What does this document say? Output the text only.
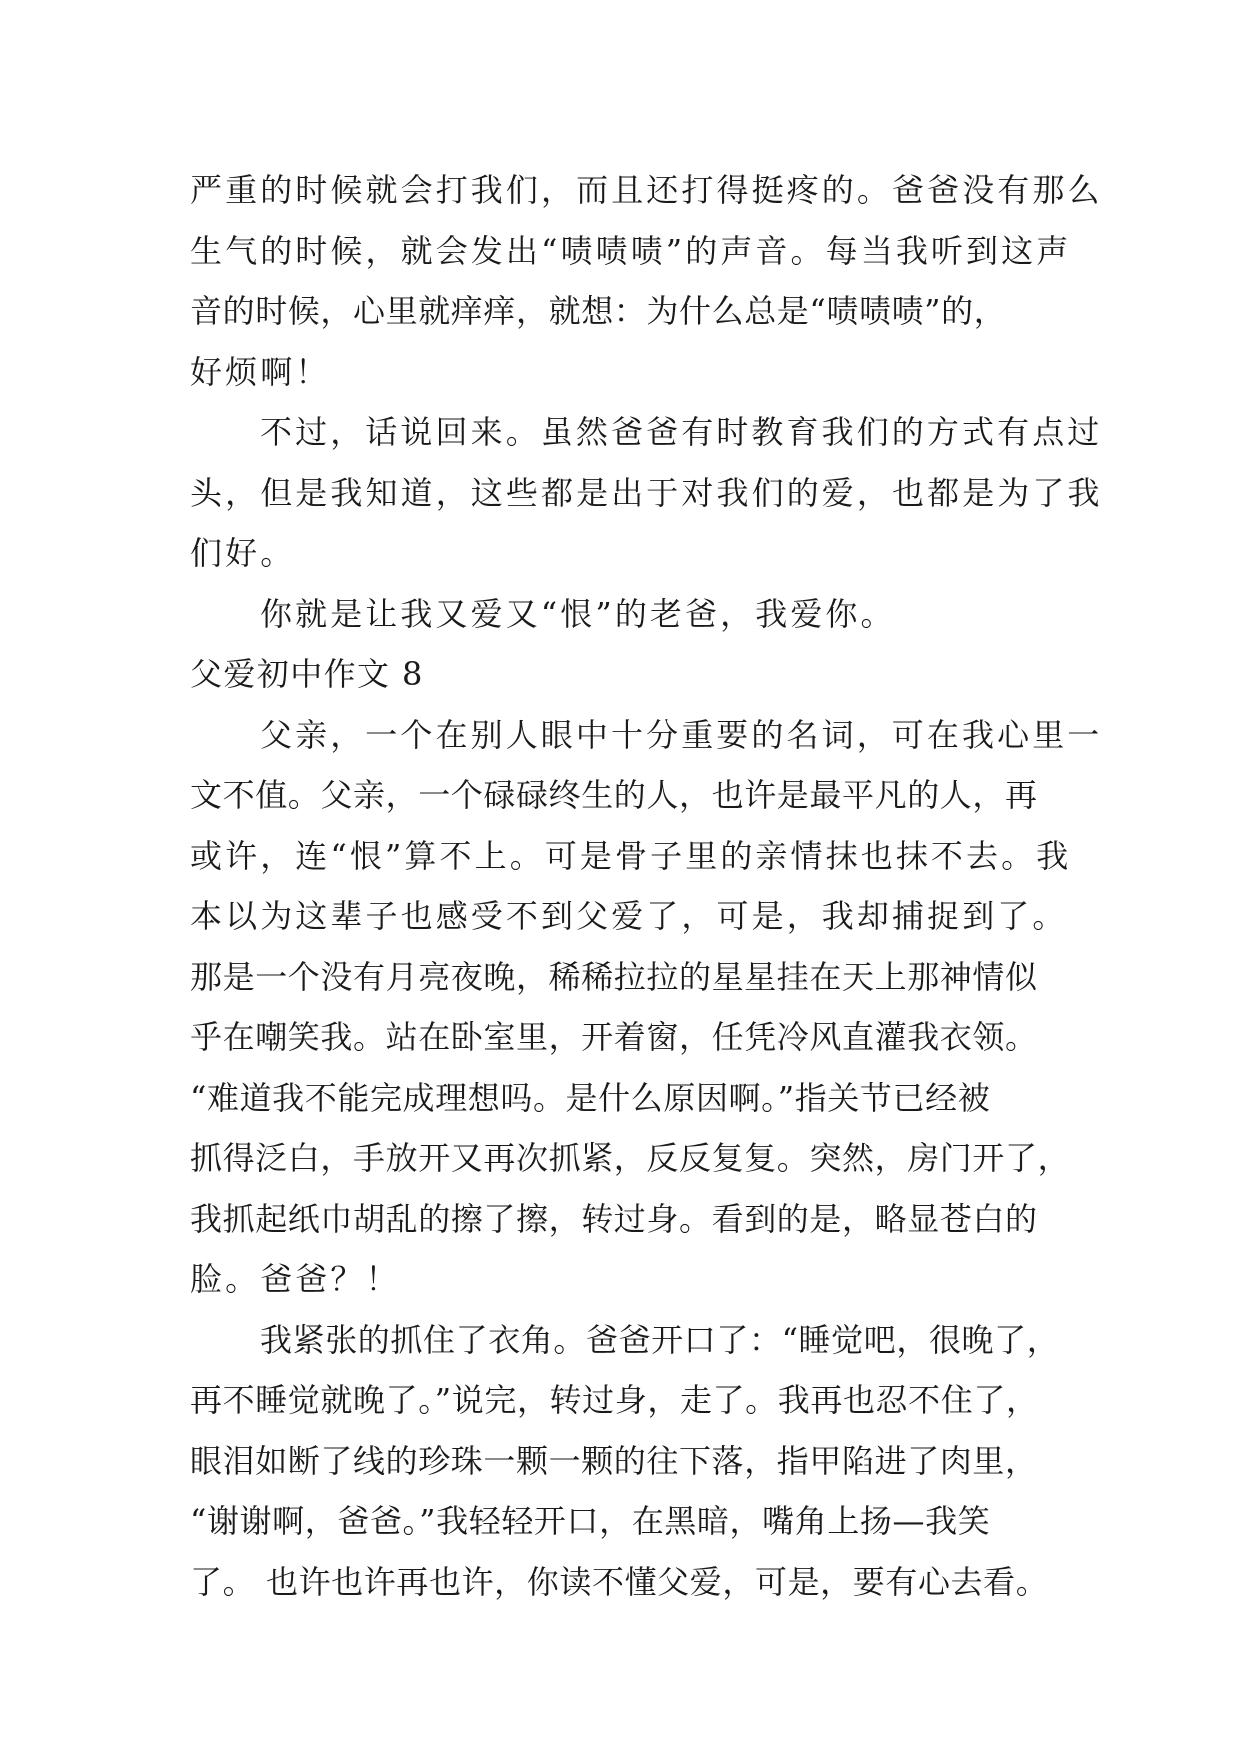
严重的时候就会打我们，而且还打得挺疼的。爸爸没有那么
生气的时候，就会发出“啧啧啧”的声音。每当我听到这声
音的时候，心里就痒痒，就想：为什么总是“啧啧啧”的，
好烦啊！
不过，话说回来。虽然爸爸有时教育我们的方式有点过
头，但是我知道，这些都是出于对我们的爱，也都是为了我
们好。
你就是让我又爱又“恨”的老爸，我爱你。
父爱初中作文 8
父亲，一个在别人眼中十分重要的名词，可在我心里一
文不值。父亲，一个碌碌终生的人，也许是最平凡的人，再
或许，连“恨”算不上。可是骨子里的亲情抹也抹不去。我
本以为这辈子也感受不到父爱了，可是，我却捕捉到了。
那是一个没有月亮夜晚，稀稀拉拉的星星挂在天上那神情似
乎在嘲笑我。站在卧室里，开着窗，任凭冷风直灌我衣领。
“难道我不能完成理想吗。是什么原因啊。”指关节已经被
抓得泛白，手放开又再次抓紧，反反复复。突然，房门开了，
我抓起纸巾胡乱的擦了擦，转过身。看到的是，略显苍白的
脸。爸爸？！
我紧张的抓住了衣角。爸爸开口了：“睡觉吧，很晚了，
再不睡觉就晚了。”说完，转过身，走了。我再也忍不住了，
眼泪如断了线的珍珠一颗一颗的往下落，指甲陷进了肉里，
“谢谢啊，爸爸。”我轻轻开口，在黑暗，嘴角上扬—我笑
了。 也许也许再也许，你读不懂父爱，可是，要有心去看。
